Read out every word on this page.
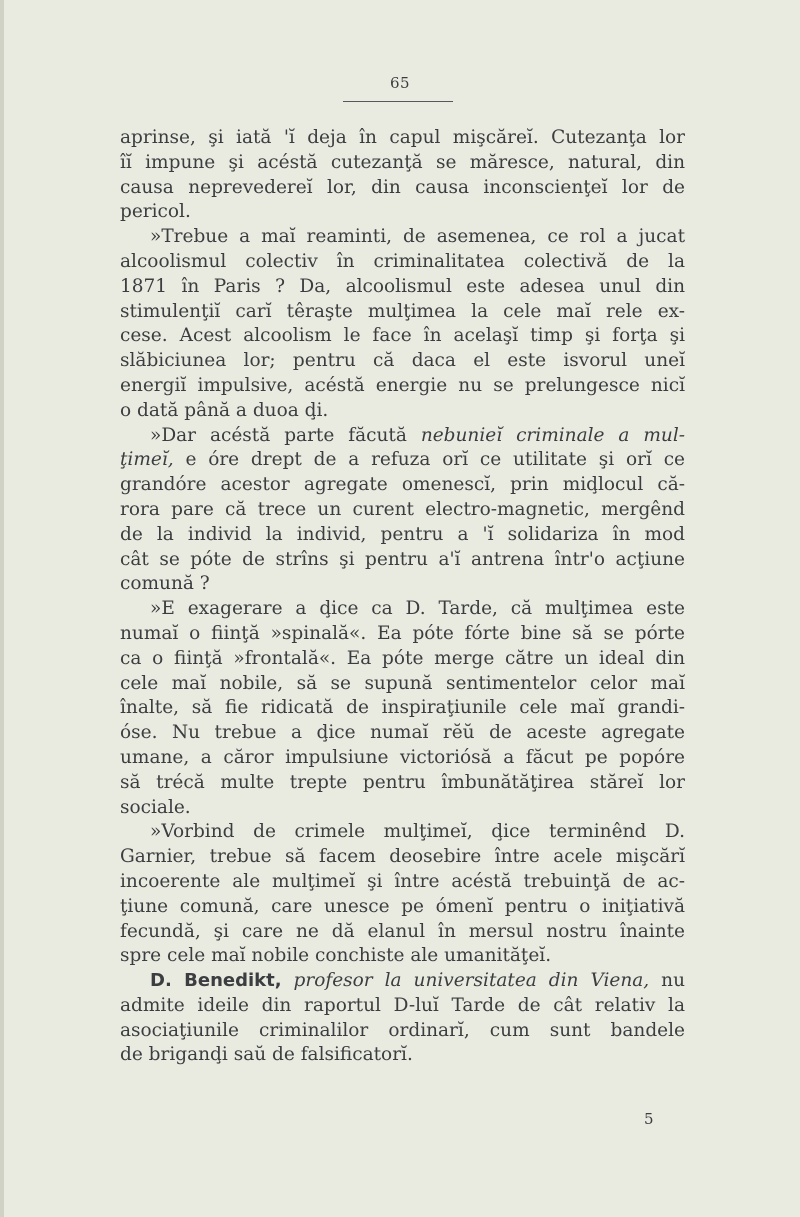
65
aprinse, şi iată 'ĭ deja în capul mişcăreĭ. Cutezanţa lor
îĭ impune şi acéstă cutezanţă se măresce, natural, din
causa neprevedereĭ lor, din causa inconscienţeĭ lor de
pericol.
»Trebue a maĭ reaminti, de asemenea, ce rol a jucat
alcoolismul colectiv în criminalitatea colectivă de la
1871 în Paris ? Da, alcoolismul este adesea unul din
stimulenţiĭ carĭ têraşte mulţimea la cele maĭ rele ex-
cese. Acest alcoolism le face în acelaşĭ timp şi forţa şi
slăbiciunea lor; pentru că daca el este isvorul uneĭ
energiĭ impulsive, acéstă energie nu se prelungesce nicĭ
o dată până a duoa ḑi.
»Dar acéstă parte făcută nebunieĭ criminale a mul-
ţimeĭ, e óre drept de a refuza orĭ ce utilitate şi orĭ ce
grandóre acestor agregate omenescĭ, prin miḑlocul că-
rora pare că trece un curent electro-magnetic, mergênd
de la individ la individ, pentru a 'ĭ solidariza în mod
cât se póte de strîns şi pentru a'ĭ antrena într'o acţiune
comună ?
»E exagerare a ḑice ca D. Tarde, că mulţimea este
numaĭ o fiinţă »spinală«. Ea póte fórte bine să se pórte
ca o fiinţă »frontală«. Ea póte merge către un ideal din
cele maĭ nobile, să se supună sentimentelor celor maĭ
înalte, să fie ridicată de inspiraţiunile cele maĭ grandi-
óse. Nu trebue a ḑice numaĭ rĕŭ de aceste agregate
umane, a căror impulsiune victoriósă a făcut pe popóre
să trécă multe trepte pentru îmbunătăţirea stăreĭ lor
sociale.
»Vorbind de crimele mulţimeĭ, ḑice terminênd D.
Garnier, trebue să facem deosebire între acele mişcărĭ
incoerente ale mulţimeĭ şi între acéstă trebuinţă de ac-
ţiune comună, care unesce pe ómenĭ pentru o iniţiativă
fecundă, şi care ne dă elanul în mersul nostru înainte
spre cele maĭ nobile conchiste ale umanităţeĭ.
D. Benedikt, profesor la universitatea din Viena, nu
admite ideile din raportul D-luĭ Tarde de cât relativ la
asociaţiunile criminalilor ordinarĭ, cum sunt bandele
de briganḑi saŭ de falsificatorĭ.
5
